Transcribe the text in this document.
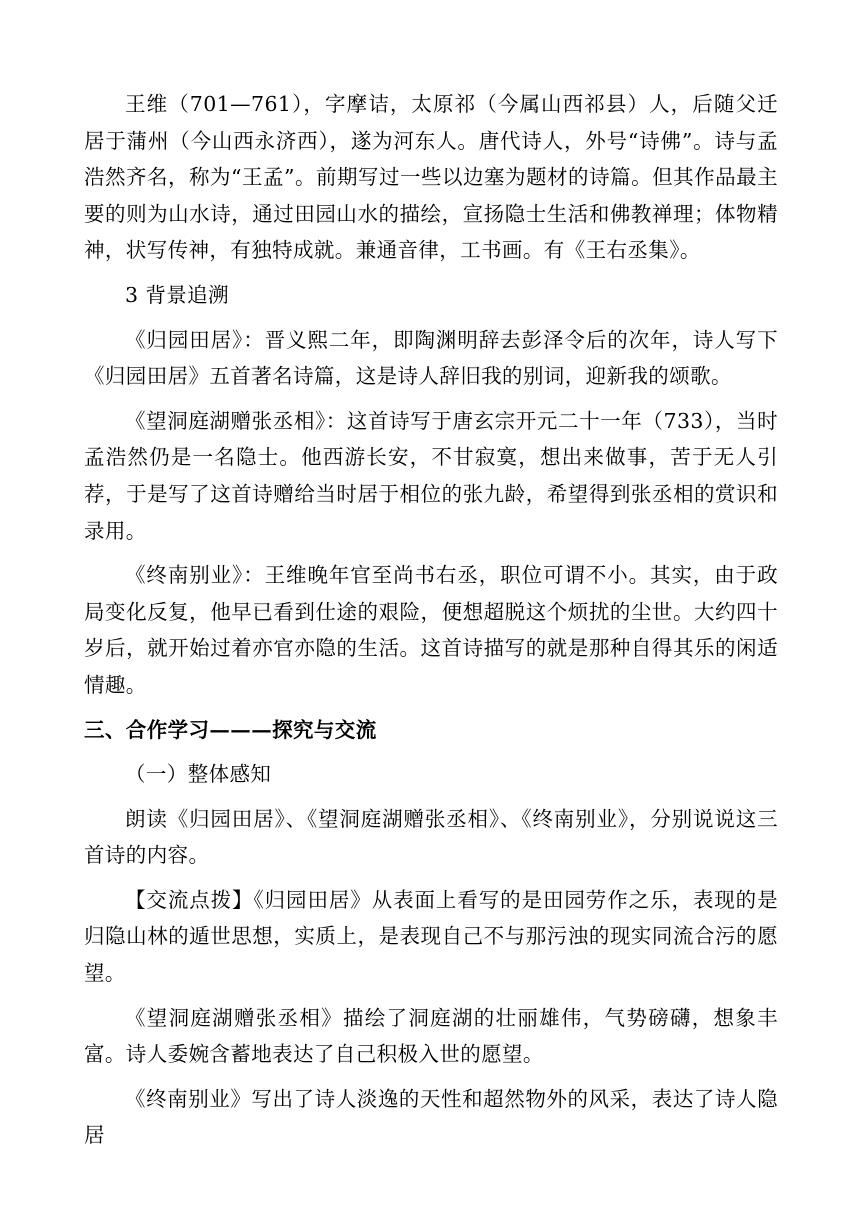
王维（701—761），字摩诘，太原祁（今属山西祁县）人，后随父迁居于蒲州（今山西永济西），遂为河东人。唐代诗人，外号“诗佛”。诗与孟浩然齐名，称为“王孟”。前期写过一些以边塞为题材的诗篇。但其作品最主要的则为山水诗，通过田园山水的描绘，宣扬隐士生活和佛教禅理；体物精神，状写传神，有独特成就。兼通音律，工书画。有《王右丞集》。

3 背景追溯

《归园田居》：晋义熙二年，即陶渊明辞去彭泽令后的次年，诗人写下《归园田居》五首著名诗篇，这是诗人辞旧我的别词，迎新我的颂歌。

《望洞庭湖赠张丞相》：这首诗写于唐玄宗开元二十一年（733），当时孟浩然仍是一名隐士。他西游长安，不甘寂寞，想出来做事，苦于无人引荐，于是写了这首诗赠给当时居于相位的张九龄，希望得到张丞相的赏识和录用。

《终南别业》：王维晚年官至尚书右丞，职位可谓不小。其实，由于政局变化反复，他早已看到仕途的艰险，便想超脱这个烦扰的尘世。大约四十岁后，就开始过着亦官亦隐的生活。这首诗描写的就是那种自得其乐的闲适情趣。

三、合作学习———探究与交流

（一）整体感知

朗读《归园田居》、《望洞庭湖赠张丞相》、《终南别业》，分别说说这三首诗的内容。

【交流点拨】《归园田居》从表面上看写的是田园劳作之乐，表现的是归隐山林的遁世思想，实质上，是表现自己不与那污浊的现实同流合污的愿望。

《望洞庭湖赠张丞相》描绘了洞庭湖的壮丽雄伟，气势磅礴，想象丰富。诗人委婉含蓄地表达了自己积极入世的愿望。

《终南别业》写出了诗人淡逸的天性和超然物外的风采，表达了诗人隐居
